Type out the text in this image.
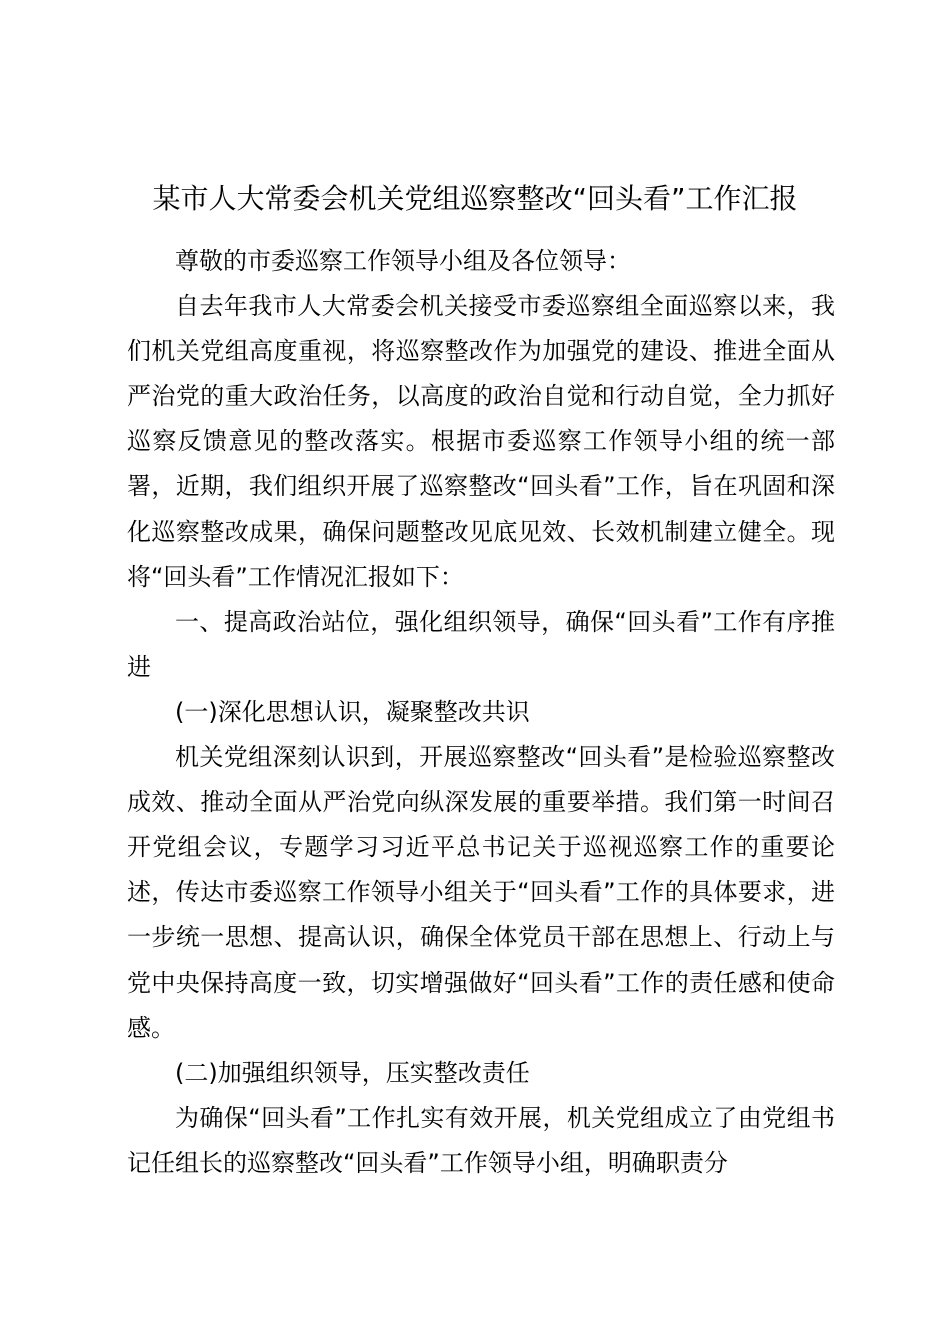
某市人大常委会机关党组巡察整改“回头看”工作汇报

尊敬的市委巡察工作领导小组及各位领导：

自去年我市人大常委会机关接受市委巡察组全面巡察以来，我们机关党组高度重视，将巡察整改作为加强党的建设、推进全面从严治党的重大政治任务，以高度的政治自觉和行动自觉，全力抓好巡察反馈意见的整改落实。根据市委巡察工作领导小组的统一部署，近期，我们组织开展了巡察整改“回头看”工作，旨在巩固和深化巡察整改成果，确保问题整改见底见效、长效机制建立健全。现将“回头看”工作情况汇报如下：

一、提高政治站位，强化组织领导，确保“回头看”工作有序推进

(一)深化思想认识，凝聚整改共识

机关党组深刻认识到，开展巡察整改“回头看”是检验巡察整改成效、推动全面从严治党向纵深发展的重要举措。我们第一时间召开党组会议，专题学习习近平总书记关于巡视巡察工作的重要论述，传达市委巡察工作领导小组关于“回头看”工作的具体要求，进一步统一思想、提高认识，确保全体党员干部在思想上、行动上与党中央保持高度一致，切实增强做好“回头看”工作的责任感和使命感。

(二)加强组织领导，压实整改责任

为确保“回头看”工作扎实有效开展，机关党组成立了由党组书记任组长的巡察整改“回头看”工作领导小组，明确职责分
